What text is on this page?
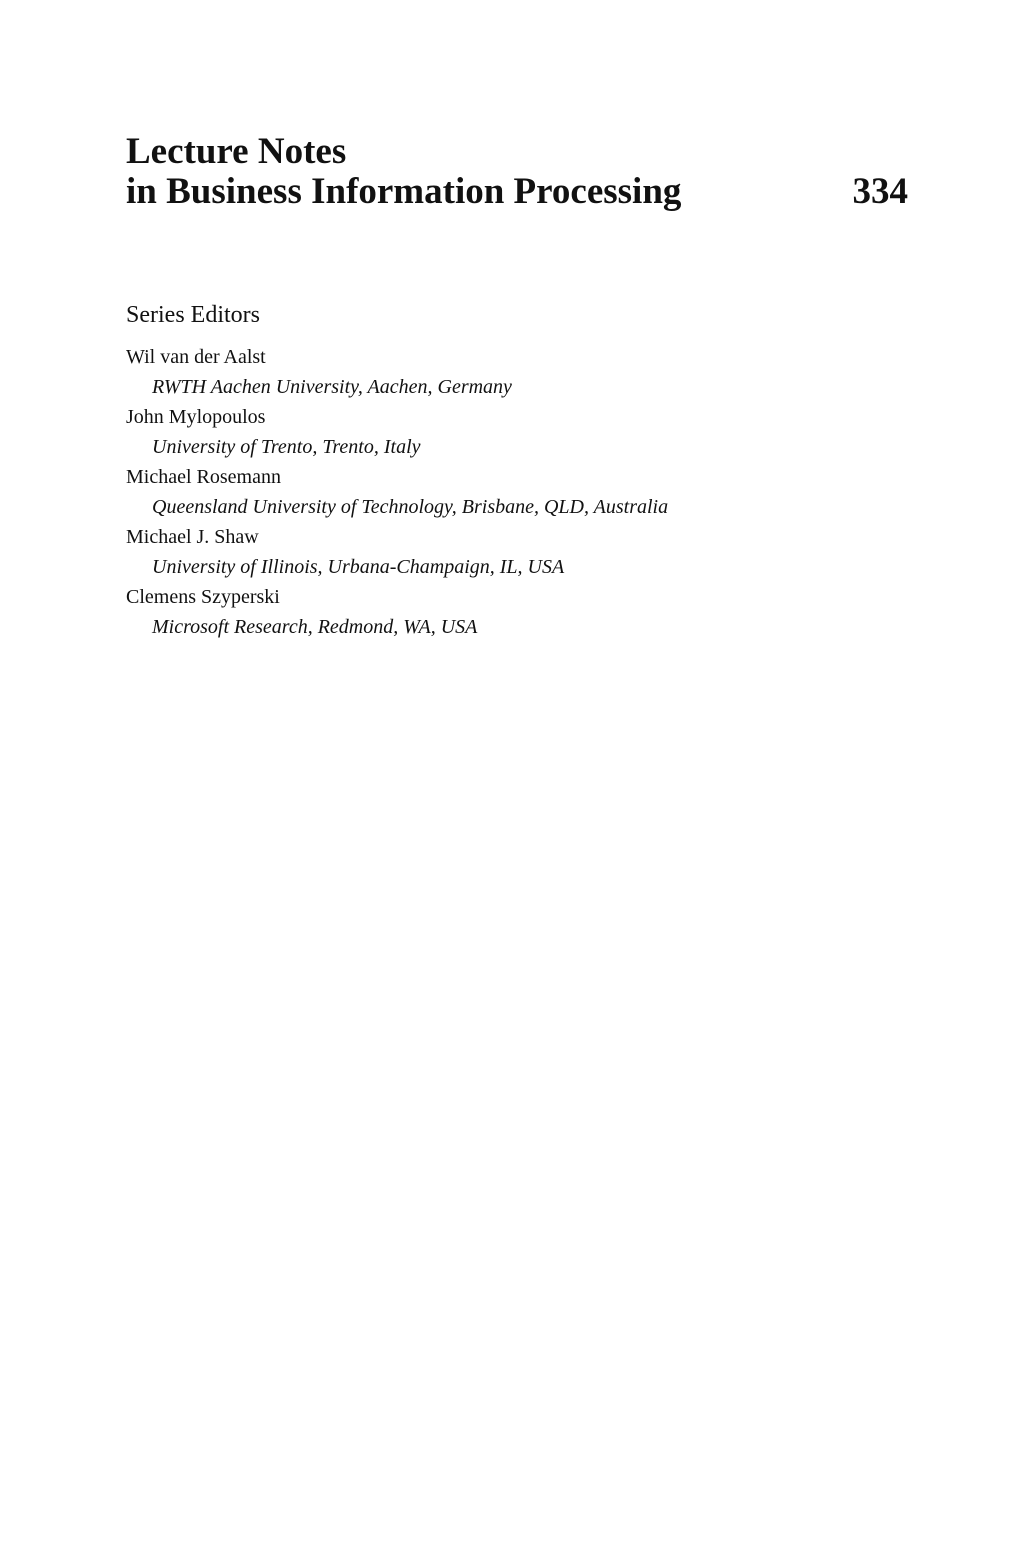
Lecture Notes
in Business Information Processing	334
Series Editors
Wil van der Aalst
RWTH Aachen University, Aachen, Germany
John Mylopoulos
University of Trento, Trento, Italy
Michael Rosemann
Queensland University of Technology, Brisbane, QLD, Australia
Michael J. Shaw
University of Illinois, Urbana-Champaign, IL, USA
Clemens Szyperski
Microsoft Research, Redmond, WA, USA
